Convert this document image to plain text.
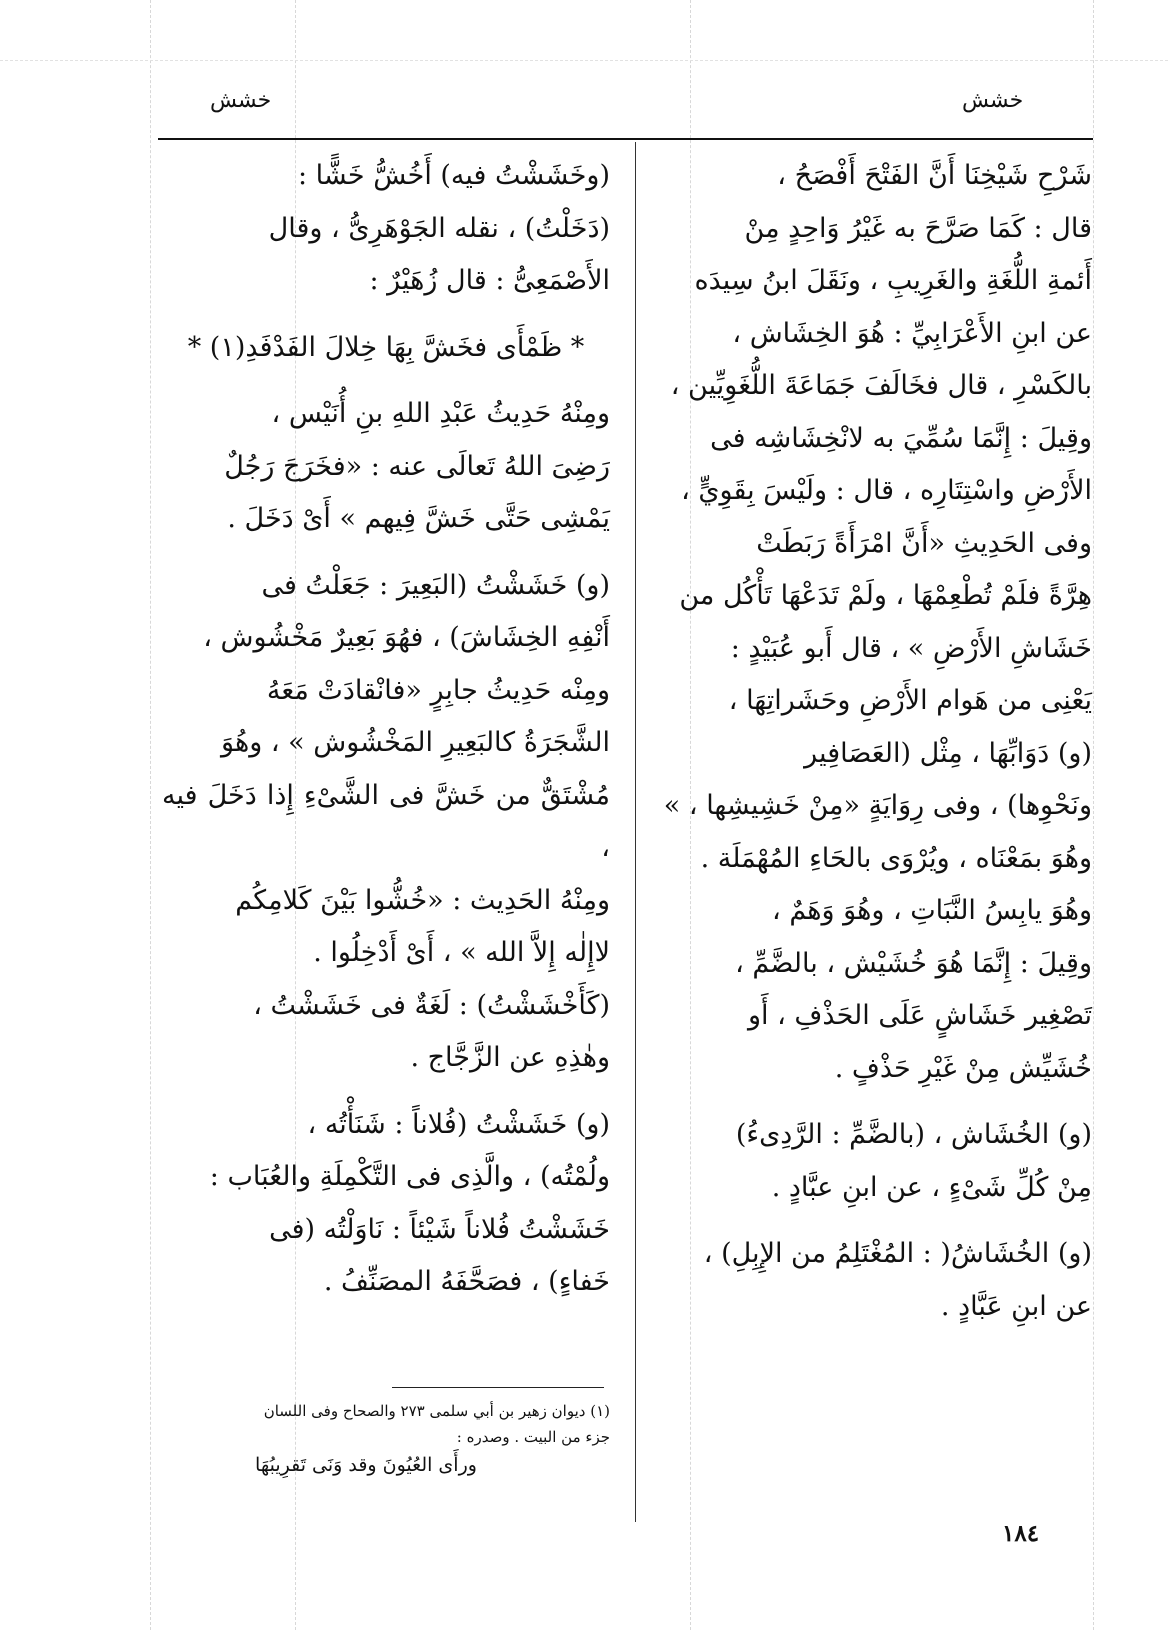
خشش
خشش

شَرْحِ شَيْخِنَا أَنَّ الفَتْحَ أَفْصَحُ ،

قال : كَمَا صَرَّحَ به غَيْرُ وَاحِدٍ مِنْ

أَئمةِ اللُّغَةِ والغَرِيبِ ، ونَقَلَ ابنُ سِيدَه

عن ابنِ الأَعْرَابِيِّ : هُوَ الخِشَاش ،

بالكَسْرِ ، قال فخَالَفَ جَمَاعَةَ اللُّغَوِيِّين ،

وقِيلَ : إِنَّمَا سُمِّيَ به لانْخِشَاشِه فى

الأَرْضِ واسْتِتَارِه ، قال : ولَيْسَ بِقَوِيٍّ ،

وفى الحَدِيثِ «أَنَّ امْرَأَةً رَبَطَتْ

هِرَّةً فلَمْ تُطْعِمْهَا ، ولَمْ تَدَعْهَا تَأْكُل من

خَشَاشِ الأَرْضِ » ، قال أَبو عُبَيْدٍ :

يَعْنِى من هَوام الأَرْضِ وحَشَراتِهَا ،

(و) دَوَابِّهَا ، مِثْل (العَصَافِير

ونَحْوِها) ، وفى رِوَايَةٍ «مِنْ خَشِيشِها ، »

وهُوَ بمَعْنَاه ، ويُرْوَى بالحَاءِ المُهْمَلَة .

وهُوَ يابِسُ النَّبَاتِ ، وهُوَ وَهَمٌ ،

وقِيلَ : إِنَّمَا هُوَ خُشَيْش ، بالضَّمِّ ،

تَصْغِير خَشَاشٍ عَلَى الحَذْفِ ، أَو

خُشَيِّش مِنْ غَيْرِ حَذْفٍ .

(و) الخُشَاش ، (بالضَّمِّ : الرَّدِىءُ)

مِنْ كُلِّ شَىْءٍ ، عن ابنِ عبَّادٍ .

(و) الخُشَاشُ( : المُغْتَلِمُ من الإِبِلِ) ،

عن ابنِ عَبَّادٍ .

(وخَشَشْتُ فيه) أَخُشُّ خَشًّا :

(دَخَلْتُ) ، نقله الجَوْهَرِىُّ ، وقال

الأَصْمَعِىُّ : قال زُهَيْرٌ :

* ظَمْأَى فخَشَّ بِهَا خِلالَ الفَدْفَدِ(١) *

ومِنْهُ حَدِيثُ عَبْدِ اللهِ بنِ أُنَيْس ،

رَضِىَ اللهُ تَعالَى عنه : «فخَرَجَ رَجُلٌ

يَمْشِى حَتَّى خَشَّ فِيهم » أَىْ دَخَلَ .

(و) خَشَشْتُ (البَعِيرَ : جَعَلْتُ فى

أَنْفِهِ الخِشَاشَ) ، فهُوَ بَعِيرٌ مَخْشُوش ،

ومِنْه حَدِيثُ جابِرٍ «فانْقادَتْ مَعَهُ

الشَّجَرَةُ كالبَعِيرِ المَخْشُوش » ، وهُوَ

مُشْتَقٌّ من خَشَّ فى الشَّىْءِ إِذا دَخَلَ فيه ،

ومِنْهُ الحَدِيث : «خُشُّوا بَيْنَ كَلامِكُم

لاإِلٰه إِلاَّ الله » ، أَىْ أَدْخِلُوا .

(كَأَخْشَشْتُ) : لَغَةٌ فى خَشَشْتُ ،

وهٰذِهِ عن الزَّجَّاج .

(و) خَشَشْتُ (فُلاناً : شَنَأْتُه ،

ولُمْتُه) ، والَّذِى فى التَّكْمِلَةِ والعُبَاب :

خَشَشْتُ فُلاناً شَيْئاً : نَاوَلْتُه (فى

خَفاءٍ) ، فصَحَّفَهُ المصَنِّفُ .

(١) ديوان زهير بن أبي سلمى ٢٧٣ والصحاح وفى اللسان
جزء من البيت . وصدره :
ورأَى العُيُونَ وقد وَنَى تَقرِيبُهَا
١٨٤
